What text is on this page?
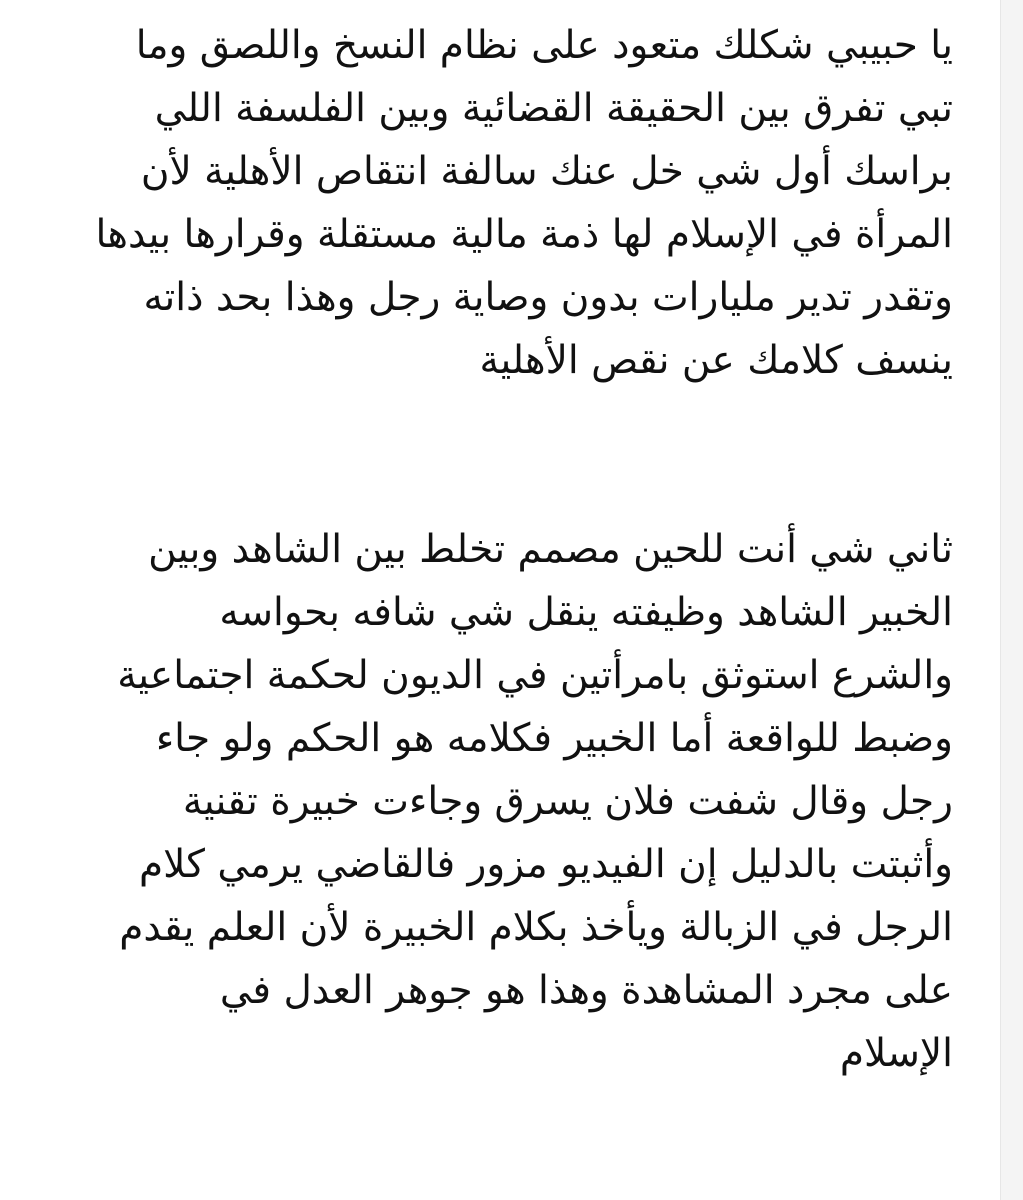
يا حبيبي شكلك متعود على نظام النسخ واللصق وما
تبي تفرق بين الحقيقة القضائية وبين الفلسفة اللي
براسك أول شي خل عنك سالفة انتقاص الأهلية لأن
المرأة في الإسلام لها ذمة مالية مستقلة وقرارها بيدها
وتقدر تدير مليارات بدون وصاية رجل وهذا بحد ذاته
ينسف كلامك عن نقص الأهلية
ثاني شي أنت للحين مصمم تخلط بين الشاهد وبين
الخبير الشاهد وظيفته ينقل شي شافه بحواسه
والشرع استوثق بامرأتين في الديون لحكمة اجتماعية
وضبط للواقعة أما الخبير فكلامه هو الحكم ولو جاء
رجل وقال شفت فلان يسرق وجاءت خبيرة تقنية
وأثبتت بالدليل إن الفيديو مزور فالقاضي يرمي كلام
الرجل في الزبالة ويأخذ بكلام الخبيرة لأن العلم يقدم
على مجرد المشاهدة وهذا هو جوهر العدل في
الإسلام
